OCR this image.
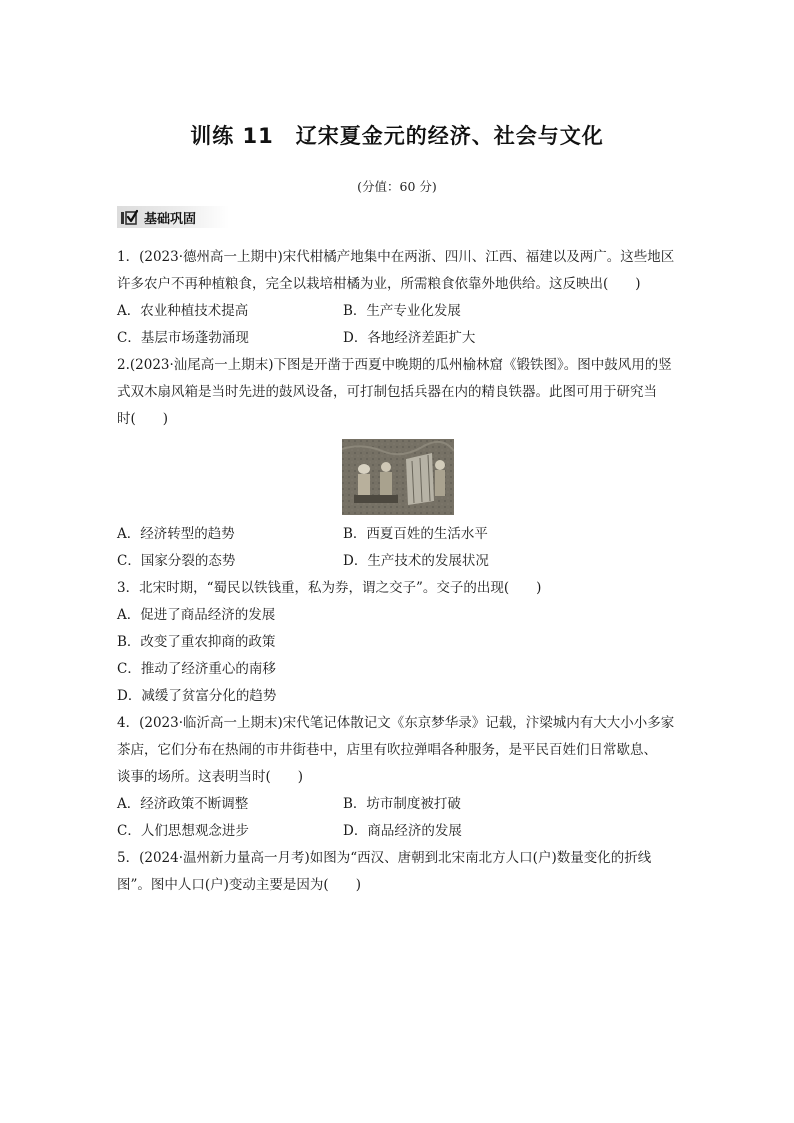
训练 11 辽宋夏金元的经济、社会与文化
(分值：60 分)
基础巩固

1．(2023·德州高一上期中)宋代柑橘产地集中在两浙、四川、江西、福建以及两广。这些地区

许多农户不再种植粮食，完全以栽培柑橘为业，所需粮食依靠外地供给。这反映出(　　)

A．农业种植技术提高	B．生产专业化发展
C．基层市场蓬勃涌现	D．各地经济差距扩大

2.(2023·汕尾高一上期末)下图是开凿于西夏中晚期的瓜州榆林窟《锻铁图》。图中鼓风用的竖

式双木扇风箱是当时先进的鼓风设备，可打制包括兵器在内的精良铁器。此图可用于研究当

时(　　)

A．经济转型的趋势	B．西夏百姓的生活水平
C．国家分裂的态势	D．生产技术的发展状况

3．北宋时期，“蜀民以铁钱重，私为券，谓之交子”。交子的出现(　　)

A．促进了商品经济的发展
B．改变了重农抑商的政策
C．推动了经济重心的南移
D．减缓了贫富分化的趋势

4．(2023·临沂高一上期末)宋代笔记体散记文《东京梦华录》记载，汴梁城内有大大小小多家

茶店，它们分布在热闹的市井街巷中，店里有吹拉弹唱各种服务，是平民百姓们日常歇息、

谈事的场所。这表明当时(　　)

A．经济政策不断调整	B．坊市制度被打破
C．人们思想观念进步	D．商品经济的发展

5．(2024·温州新力量高一月考)如图为“西汉、唐朝到北宋南北方人口(户)数量变化的折线

图”。图中人口(户)变动主要是因为(　　)
